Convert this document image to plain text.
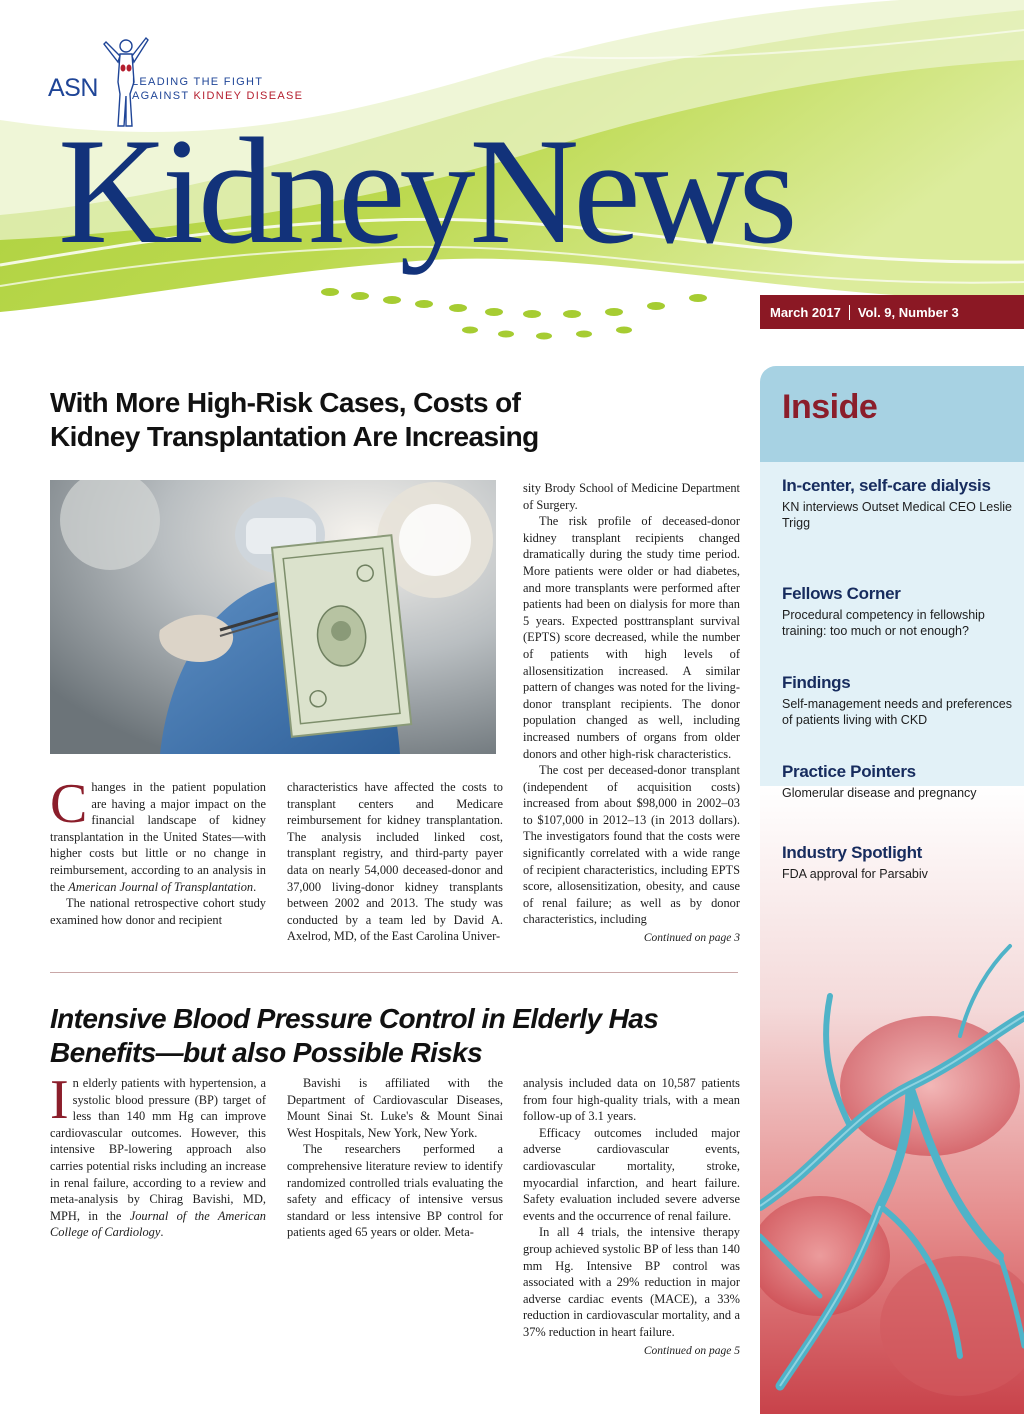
ASN	LEADING THE FIGHT
AGAINST KIDNEY DISEASE
KidneyNews
March 2017 Vol. 9, Number 3
Inside
In-center, self-care dialysis

KN interviews Outset Medical CEO Leslie Trigg

Fellows Corner

Procedural competency in fellowship training: too much or not enough?

Findings

Self-management needs and preferences of patients living with CKD

Practice Pointers

Glomerular disease and pregnancy

Industry Spotlight

FDA approval for Parsabiv

With More High-Risk Cases, Costs of
Kidney Transplantation Are Increasing

Changes in the patient population are having a major impact on the financial landscape of kidney transplantation in the United States—with higher costs but little or no change in reimbursement, according to an analysis in the American Journal of Transplantation.

The national retrospective cohort study examined how donor and recipient

characteristics have affected the costs to transplant centers and Medicare reimbursement for kidney transplantation. The analysis included linked cost, transplant registry, and third-party payer data on nearly 54,000 deceased-donor and 37,000 living-donor kidney transplants between 2002 and 2013. The study was conducted by a team led by David A. Axelrod, MD, of the East Carolina Univer-

sity Brody School of Medicine Department of Surgery.

The risk profile of deceased-donor kidney transplant recipients changed dramatically during the study time period. More patients were older or had diabetes, and more transplants were performed after patients had been on dialysis for more than 5 years. Expected posttransplant survival (EPTS) score decreased, while the number of patients with high levels of allosensitization increased. A similar pattern of changes was noted for the living-donor transplant recipients. The donor population changed as well, including increased numbers of organs from older donors and other high-risk characteristics.

The cost per deceased-donor transplant (independent of acquisition costs) increased from about $98,000 in 2002–03 to $107,000 in 2012–13 (in 2013 dollars). The investigators found that the costs were significantly correlated with a wide range of recipient characteristics, including EPTS score, allosensitization, obesity, and cause of renal failure; as well as by donor characteristics, including

Continued on page 3
Intensive Blood Pressure Control in Elderly Has
Benefits—but also Possible Risks

In elderly patients with hypertension, a systolic blood pressure (BP) target of less than 140 mm Hg can improve cardiovascular outcomes. However, this intensive BP-lowering approach also carries potential risks including an increase in renal failure, according to a review and meta-analysis by Chirag Bavishi, MD, MPH, in the Journal of the American College of Cardiology.

Bavishi is affiliated with the Department of Cardiovascular Diseases, Mount Sinai St. Luke's & Mount Sinai West Hospitals, New York, New York.

The researchers performed a comprehensive literature review to identify randomized controlled trials evaluating the safety and efficacy of intensive versus standard or less intensive BP control for patients aged 65 years or older. Meta-

analysis included data on 10,587 patients from four high-quality trials, with a mean follow-up of 3.1 years.

Efficacy outcomes included major adverse cardiovascular events, cardiovascular mortality, stroke, myocardial infarction, and heart failure. Safety evaluation included severe adverse events and the occurrence of renal failure.

In all 4 trials, the intensive therapy group achieved systolic BP of less than 140 mm Hg. Intensive BP control was associated with a 29% reduction in major adverse cardiac events (MACE), a 33% reduction in cardiovascular mortality, and a 37% reduction in heart failure.

Continued on page 5
